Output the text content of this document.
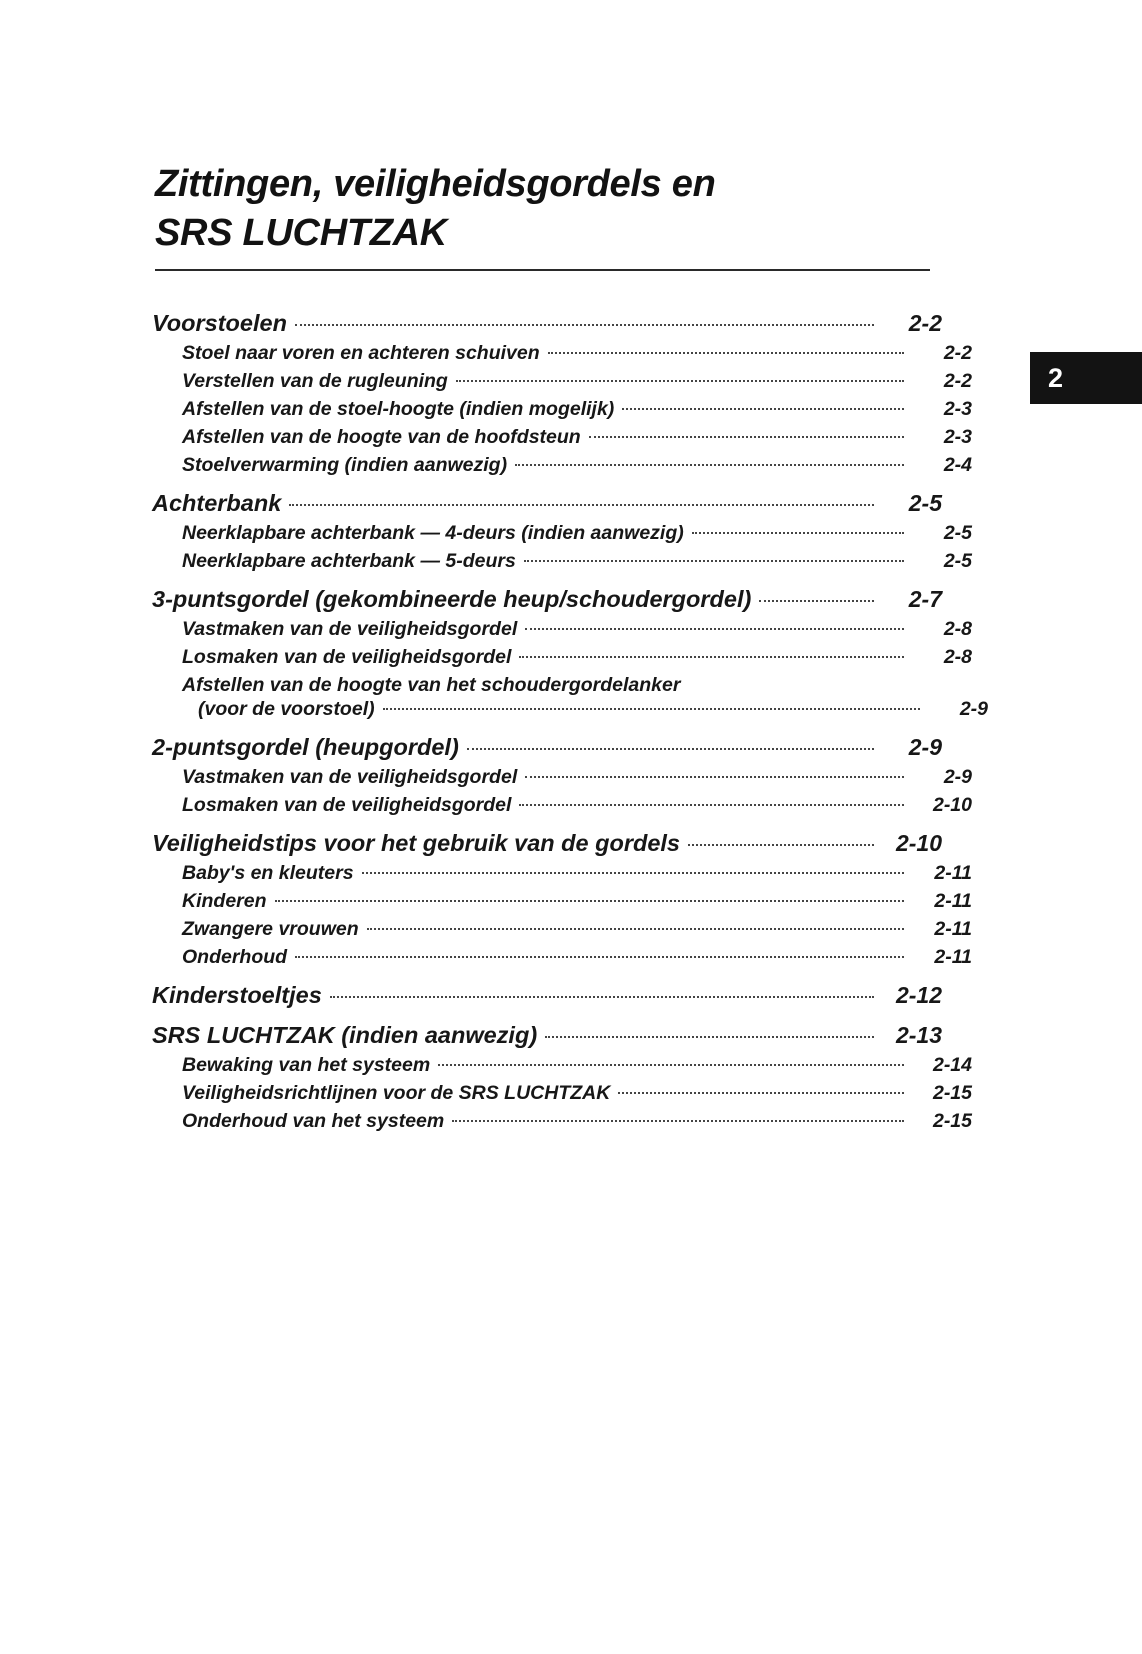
2
Zittingen, veiligheidsgordels en
SRS LUCHTZAK
Voorstoelen	2-2
Stoel naar voren en achteren schuiven	2-2
Verstellen van de rugleuning	2-2
Afstellen van de stoel-hoogte (indien mogelijk)	2-3
Afstellen van de hoogte van de hoofdsteun	2-3
Stoelverwarming (indien aanwezig)	2-4
Achterbank	2-5
Neerklapbare achterbank — 4-deurs (indien aanwezig)	2-5
Neerklapbare achterbank — 5-deurs	2-5
3-puntsgordel (gekombineerde heup/schoudergordel)	2-7
Vastmaken van de veiligheidsgordel	2-8
Losmaken van de veiligheidsgordel	2-8
Afstellen van de hoogte van het schoudergordelanker
(voor de voorstoel)	2-9
2-puntsgordel (heupgordel)	2-9
Vastmaken van de veiligheidsgordel	2-9
Losmaken van de veiligheidsgordel	2-10
Veiligheidstips voor het gebruik van de gordels	2-10
Baby's en kleuters	2-11
Kinderen	2-11
Zwangere vrouwen	2-11
Onderhoud	2-11
Kinderstoeltjes	2-12
SRS LUCHTZAK (indien aanwezig)	2-13
Bewaking van het systeem	2-14
Veiligheidsrichtlijnen voor de SRS LUCHTZAK	2-15
Onderhoud van het systeem	2-15
